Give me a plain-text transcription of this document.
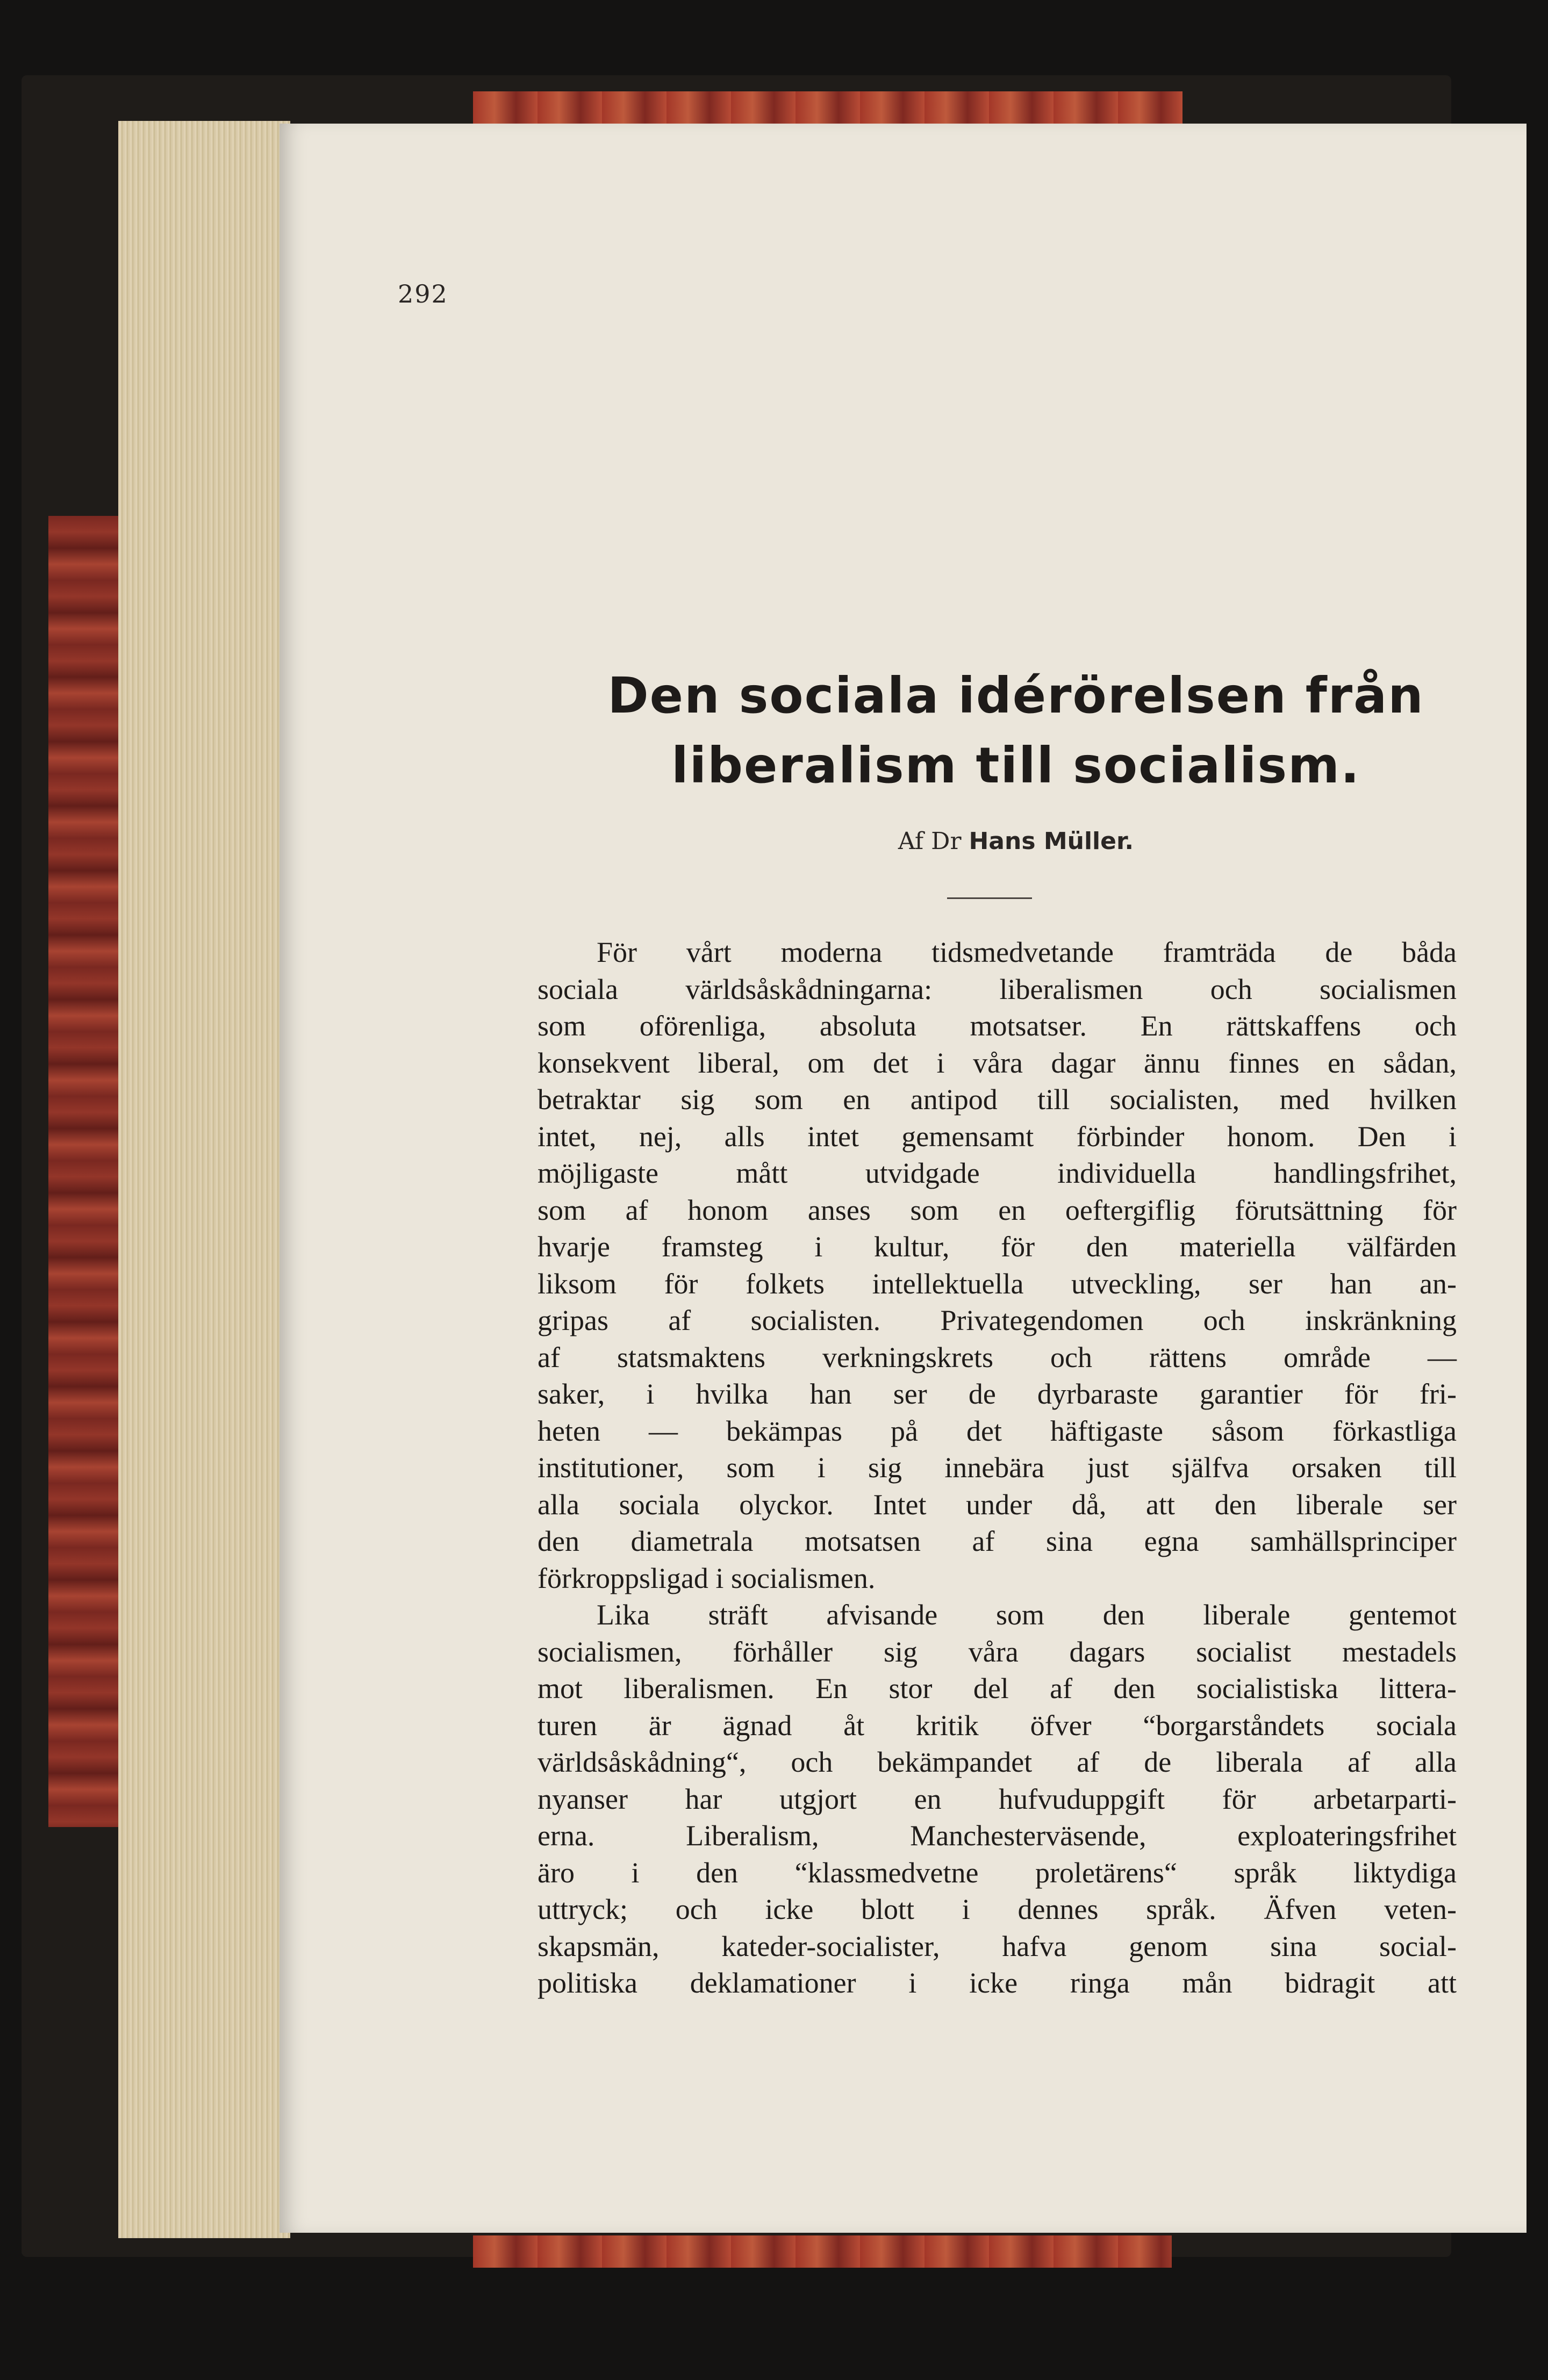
292
Den sociala idérörelsen från
liberalism till socialism.
Af Dr Hans Müller.

För vårt moderna tidsmedvetande framträda de båda
sociala världsåskådningarna: liberalismen och socialismen
som oförenliga, absoluta motsatser. En rättskaffens och
konsekvent liberal, om det i våra dagar ännu finnes en sådan,
betraktar sig som en antipod till socialisten, med hvilken
intet, nej, alls intet gemensamt förbinder honom. Den i
möjligaste mått utvidgade individuella handlingsfrihet,
som af honom anses som en oeftergiflig förutsättning för
hvarje framsteg i kultur, för den materiella välfärden
liksom för folkets intellektuella utveckling, ser han an-
gripas af socialisten. Privategendomen och inskränkning
af statsmaktens verkningskrets och rättens område —
saker, i hvilka han ser de dyrbaraste garantier för fri-
heten — bekämpas på det häftigaste såsom förkastliga
institutioner, som i sig innebära just själfva orsaken till
alla sociala olyckor. Intet under då, att den liberale ser
den diametrala motsatsen af sina egna samhällsprinciper
förkroppsligad i socialismen.

Lika sträft afvisande som den liberale gentemot
socialismen, förhåller sig våra dagars socialist mestadels
mot liberalismen. En stor del af den socialistiska littera-
turen är ägnad åt kritik öfver “borgarståndets sociala
världsåskådning“, och bekämpandet af de liberala af alla
nyanser har utgjort en hufvuduppgift för arbetarparti-
erna. Liberalism, Manchesterväsende, exploateringsfrihet
äro i den “klassmedvetne proletärens“ språk liktydiga
uttryck; och icke blott i dennes språk. Äfven veten-
skapsmän, kateder-socialister, hafva genom sina social-
politiska deklamationer i icke ringa mån bidragit att
